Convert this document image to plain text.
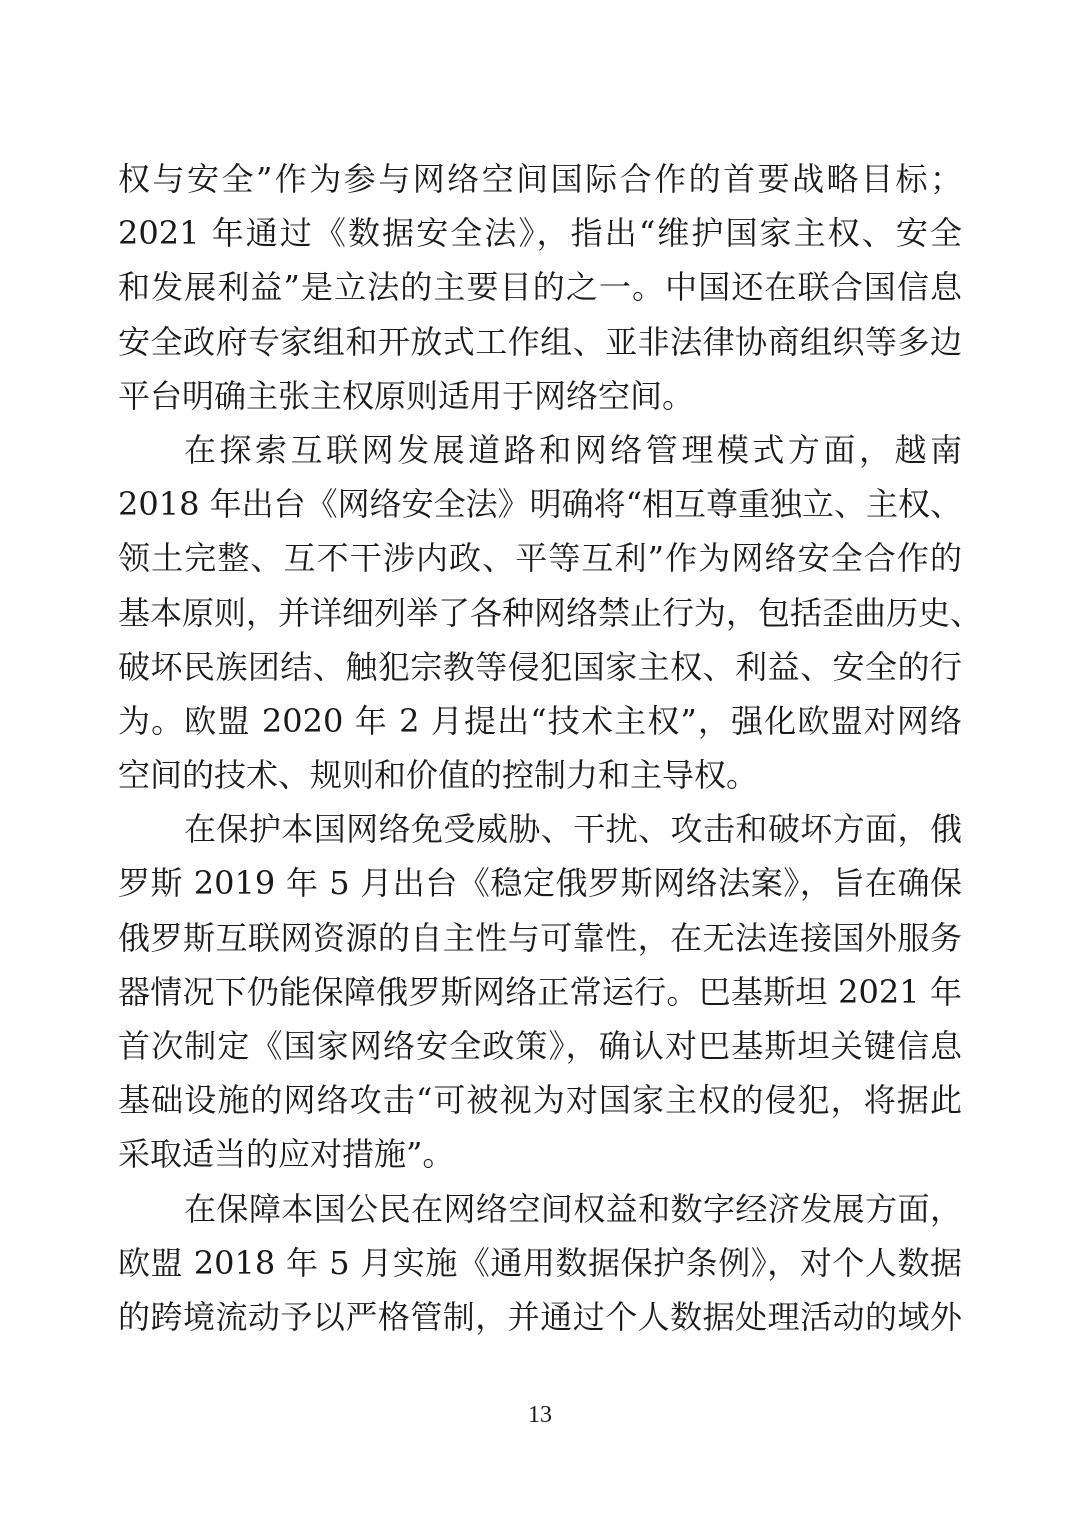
权与安全”作为参与网络空间国际合作的首要战略目标；
2021 年通过《数据安全法》，指出“维护国家主权、安全
和发展利益”是立法的主要目的之一。中国还在联合国信息
安全政府专家组和开放式工作组、亚非法律协商组织等多边
平台明确主张主权原则适用于网络空间。
在探索互联网发展道路和网络管理模式方面，越南
2018 年出台《网络安全法》明确将“相互尊重独立、主权、
领土完整、互不干涉内政、平等互利”作为网络安全合作的
基本原则，并详细列举了各种网络禁止行为，包括歪曲历史、
破坏民族团结、触犯宗教等侵犯国家主权、利益、安全的行
为。欧盟 2020 年 2 月提出“技术主权”，强化欧盟对网络
空间的技术、规则和价值的控制力和主导权。
在保护本国网络免受威胁、干扰、攻击和破坏方面，俄
罗斯 2019 年 5 月出台《稳定俄罗斯网络法案》，旨在确保
俄罗斯互联网资源的自主性与可靠性，在无法连接国外服务
器情况下仍能保障俄罗斯网络正常运行。巴基斯坦 2021 年
首次制定《国家网络安全政策》，确认对巴基斯坦关键信息
基础设施的网络攻击“可被视为对国家主权的侵犯，将据此
采取适当的应对措施”。
在保障本国公民在网络空间权益和数字经济发展方面，
欧盟 2018 年 5 月实施《通用数据保护条例》，对个人数据
的跨境流动予以严格管制，并通过个人数据处理活动的域外
13
